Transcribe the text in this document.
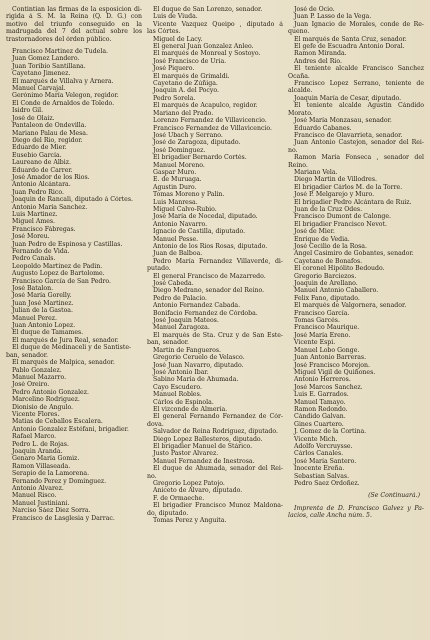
Contintian las firmas de la esposicion di-
rigida á S. M. la Reina (Q. D. G.) con
motivo del triunfo conseguido en la
madrugada del 7 del actual sobre los
trastornadores del órden público.
Francisco Martinez de Tudela.
Juan Gomez Landero.
Juan Toribio Santillana.
Cayetano Jimenez.
El marqués de Villalva y Arnera.
Manuel Carvajal.
Gerónimo María Velegon, regidor.
El Conde de Arnaldos de Toledo.
Isidro Gil.
José de Olaiz.
Pantaleon de Ondevilla.
Mariano Palau de Mesa.
Diego del Rio, regidor.
Eduardo de Mier.
Eusebio García.
Laureano de Albiz.
Eduardo de Carrer.
José Amador de los Rios.
Antonio Alcántara.
Juan Pedro Rico.
Joaquin de Rancali, diputado á Córtes.
Antonio María Sanchez.
Luis Martinez.
Miguel Ames.
Francisco Fábregas.
José Moreu.
Juan Pedro de Espinosa y Castillas.
Fernando de Vida.
Pedro Canals.
Leopoldo Martinez de Padin.
Augusto Lopez de Bartolome.
Francisco García de San Pedro.
José Batalon.
José María Gorelly.
Juan José Martinez.
Julian de la Gastoa.
Manuel Perez.
Juan Antonio Lopez.
El duque de Tamames.
El marqués de Jura Real, senador.
El duque de Medinaceli y de Santiste-
ban, senador.
El marqués de Malpica, senador.
Pablo Gonzalez.
Manuel Mazarro.
José Oreiro.
Pedro Antonio Gonzalez.
Marcelino Rodriguez.
Dionisio de Angulo.
Vicente Flores.
Matias de Ceballos Escalera.
Antonio Gonzalez Estéfani, brigadier.
Rafael Marco.
Pedro L. de Rojas.
Joaquin Aranda.
Genaro María Gomiz.
Ramon Villaseada.
Serapio de la Lamorena.
Fernando Perez y Dominguez.
Antonio Alvarez.
Manuel Risco.
Manuel Justiniani.
Narciso Sáez Diez Sorra.
Francisco de Lasglesia y Darrac.
El duque de San Lorenzo, senador.
Luis de Viuda.
Vicente Vazquez Queipo , diputado á
las Córtes.
Miguel de Lacy.
El general Juan Gonzalez Anleo.
El marqués de Monreal y Sostoyo.
José Francisco de Uria.
José Piquero.
El marqués de Grimaldi.
Cayetano de Zúñiga.
Joaquin A. del Pocyo.
Pedro Sorela.
El marqués de Acapulco, regidor.
Mariano del Prado.
Lorenzo Fernandez de Villavicencio.
Francisco Fernandez de Villavicencio.
José Ubach y Serrano.
José de Zaragoza, diputado.
José Dominguez.
El brigadier Bernardo Cortés.
Manuel Moreno.
Gaspar Muro.
E. de Muruaga.
Agustin Duro.
Tomas Moreno y Palin.
Luis Manresa.
Miguel Calvo-Rubio.
José María de Nocedal, diputado.
Antonio Navarro.
Ignacio de Castilla, diputado.
Manuel Pesse.
Antonio de los Rios Rosas, diputado.
Juan de Balboa.
Pedro María Fernandez Villaverde, di-
putado.
El general Francisco de Mazarredo.
José Cabeda.
Diego Medrano, senador del Reino.
Pedro de Palacio.
Antonio Fernandez Cabada.
Bonifacio Fernandez de Córdoba.
José Joaquin Mateos.
Manuel Zaragoza.
El marqués de Sta. Cruz y de San Este-
ban, senador.
Martin de Fangueros.
Gregorio Ceruelo de Velasco.
José Juan Navarro, diputado.
José Antonio Ibar.
Sabino María de Ahumada.
Cayo Escudero.
Manuel Robles.
Cárlos de Espinola.
El vizconde de Almería.
El general Fernando Fernandez de Cór-
dova.
Salvador de Reina Rodriguez, diputado.
Diego Lopez Ballesteros, diputado.
El brigadier Manuel de Stárico.
Justo Pastor Alvarez.
Manuel Fernandez de Inestrosa.
El duque de Ahumada, senador del Rei-
no.
Gregorio Lopez Patojo.
Aniceto de Alvaro, diputado.
F. de Ormaeche.
El brigadier Francisco Munoz Maldona-
do, diputado.
Tomas Perez y Anguita.
José de Ocio.
Juan P. Lasso de la Vega.
Juan Ignacio de Morales, conde de Re-
queno.
El marqués de Santa Cruz, senador.
El gefe de Escuadra Antonio Doral.
Ramon Miranda.
Andres del Rio.
El teniente alcalde Francisco Sanchez
Ocaña.
Francisco Lopez Serrano, teniente de
alcalde.
Joaquin María de Cesar, diputado.
El teniente alcalde Agustin Cándido
Morato.
José María Monzasau, senador.
Eduardo Cabanes.
Francisco de Olavarrieta, senador.
Juan Antonio Castejon, senador del Rei-
no.
Ramon María Fonseca , senador del
Reino.
Mariano Vela.
Diego Martin de Villodres.
El brigadier Cárlos M. de la Torre.
José P. Melgarejo y Muro.
El brigadier Pedro Alcántara de Ruiz.
Juan de la Cruz Odes.
Francisco Dumont de Calonge.
El brigadier Francisco Nevot.
José de Mier.
Enrique de Vedia.
José Cecilio de la Rosa.
Angel Casimiro de Gobantes, senador.
Cayetano de Bonafos.
El coronel Hipólito Bedoudo.
Gregorio Barciezos.
Joaquin de Arellano.
Manuel Antonio Caballero.
Felix Fano, diputado.
El marqués de Valgornera, senador.
Francisco García.
Tomas Garcés.
Francisco Maurique.
José María Ereno.
Vicente Espi.
Manuel Lobo Gonge.
Juan Antonio Barreras.
José Francisco Morejon.
Miguel Vigil de Quiñones.
Antonio Herreros.
José Marcos Sanchez.
Luis E. Garrados.
Manuel Tamayo.
Ramon Redondo.
Cándido Galvan.
Gines Cuartero.
J. Gomez de la Cortina.
Vicente Mich.
Adolfo Vercruysse.
Cárlos Canales.
José María Santero.
Inocente Ereña.
Sebastian Salvas.
Pedro Saez Ordoñez.
(Se Continuará.)
Imprenta de D. Francisco Galvez y Pa-
lacios, calle Ancha núm. 5.
